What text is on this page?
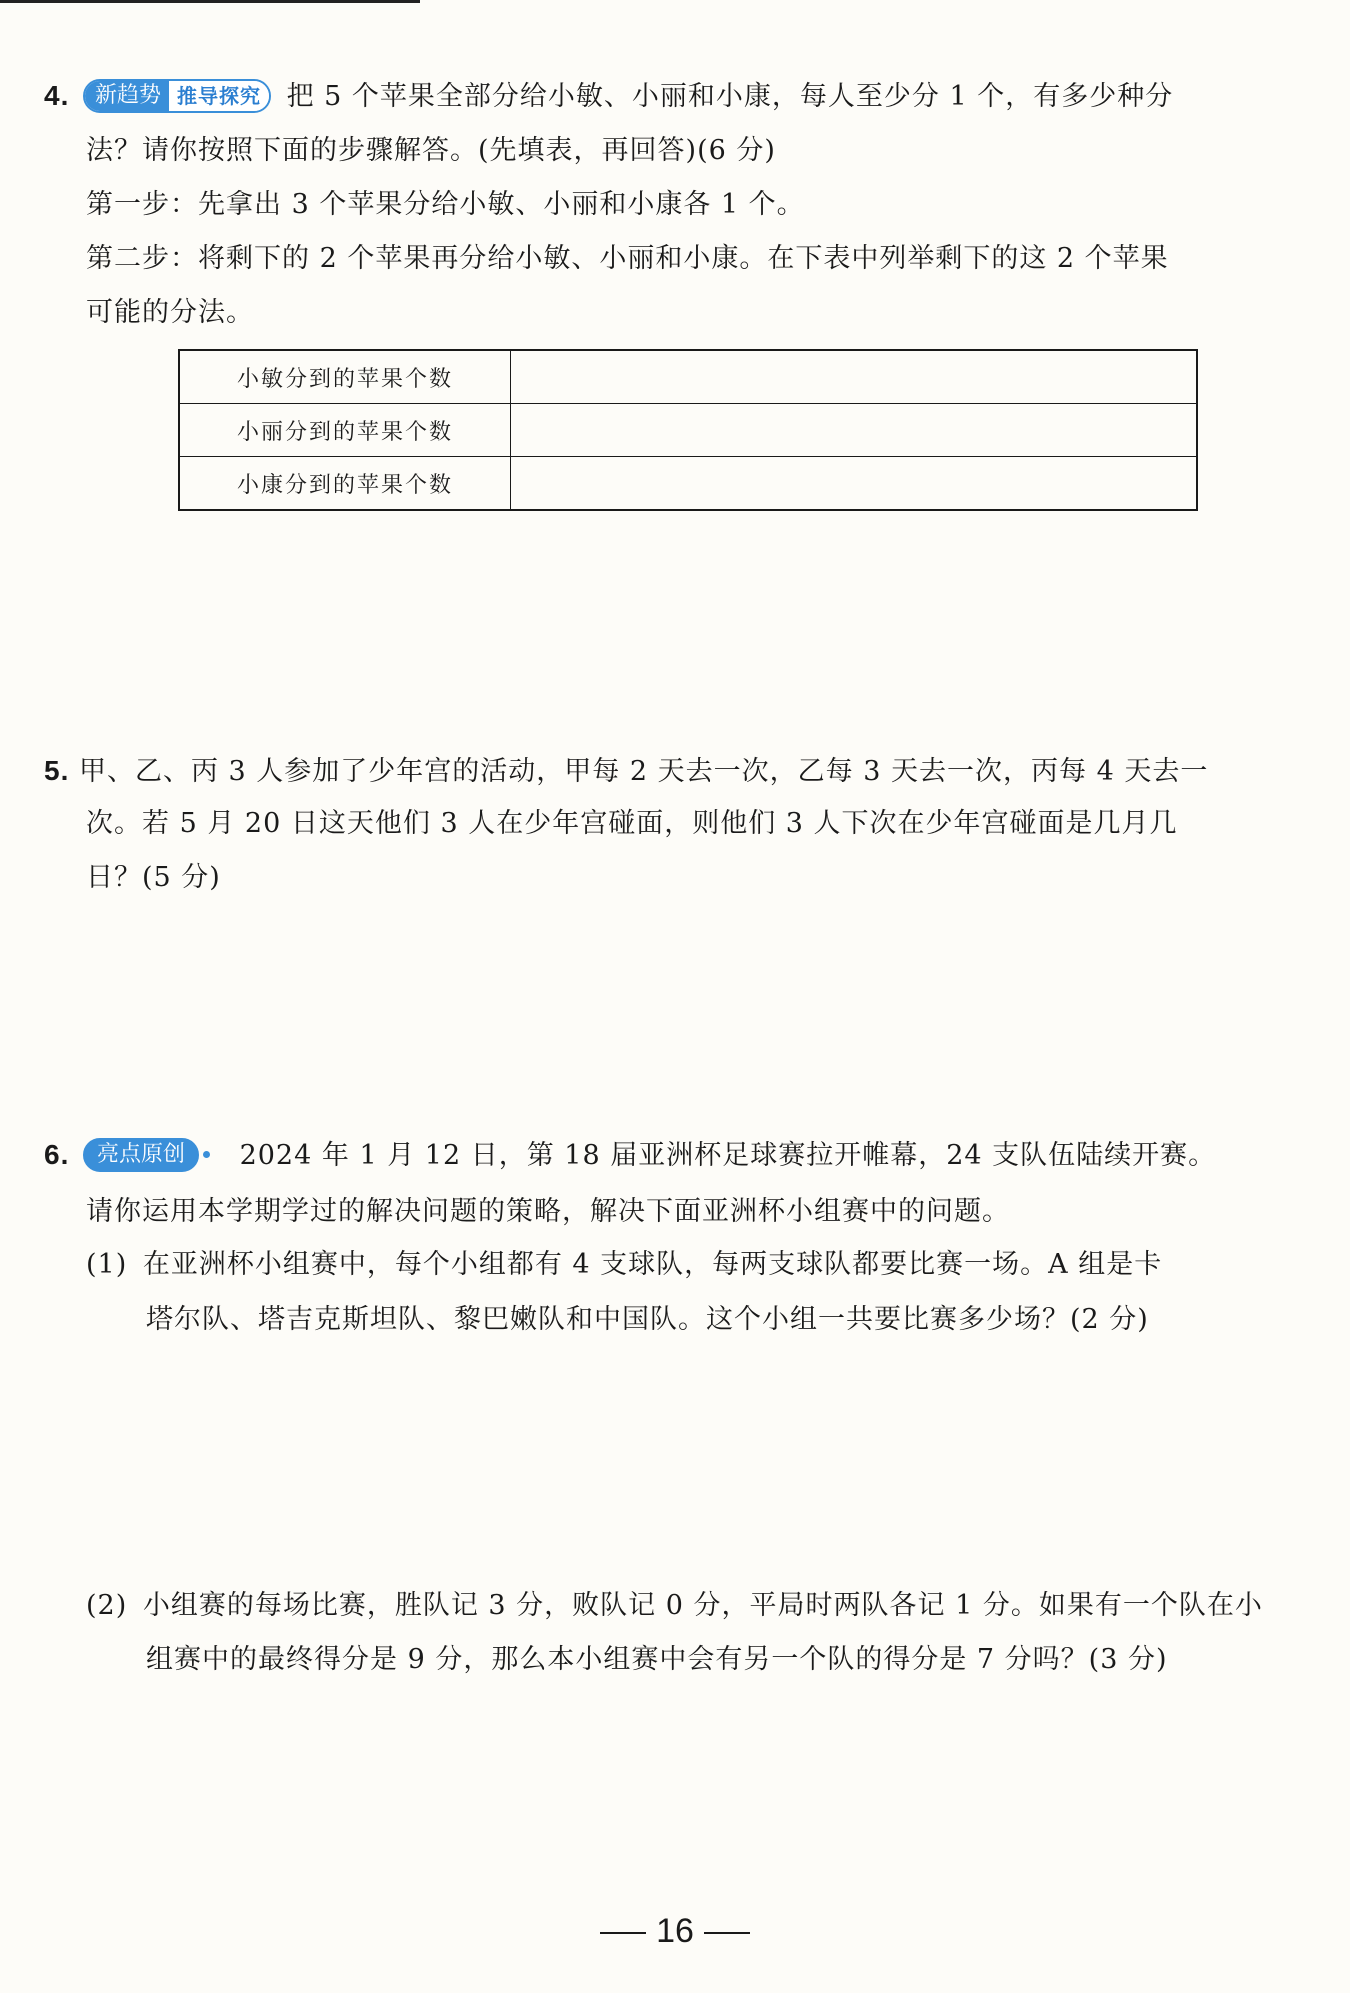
4.	新趋势 推导探究 把 5 个苹果全部分给小敏、小丽和小康，每人至少分 1 个，有多少种分
法？请你按照下面的步骤解答。(先填表，再回答)(6 分)
第一步：先拿出 3 个苹果分给小敏、小丽和小康各 1 个。
第二步：将剩下的 2 个苹果再分给小敏、小丽和小康。在下表中列举剩下的这 2 个苹果
可能的分法。
小敏分到的苹果个数	
小丽分到的苹果个数	
小康分到的苹果个数	
5. 甲、乙、丙 3 人参加了少年宫的活动，甲每 2 天去一次，乙每 3 天去一次，丙每 4 天去一
次。若 5 月 20 日这天他们 3 人在少年宫碰面，则他们 3 人下次在少年宫碰面是几月几
日？(5 分)
6. 亮点原创 2024 年 1 月 12 日，第 18 届亚洲杯足球赛拉开帷幕，24 支队伍陆续开赛。
请你运用本学期学过的解决问题的策略，解决下面亚洲杯小组赛中的问题。
(1) 在亚洲杯小组赛中，每个小组都有 4 支球队，每两支球队都要比赛一场。A 组是卡
塔尔队、塔吉克斯坦队、黎巴嫩队和中国队。这个小组一共要比赛多少场？(2 分)
(2) 小组赛的每场比赛，胜队记 3 分，败队记 0 分，平局时两队各记 1 分。如果有一个队在小
组赛中的最终得分是 9 分，那么本小组赛中会有另一个队的得分是 7 分吗？(3 分)
16
